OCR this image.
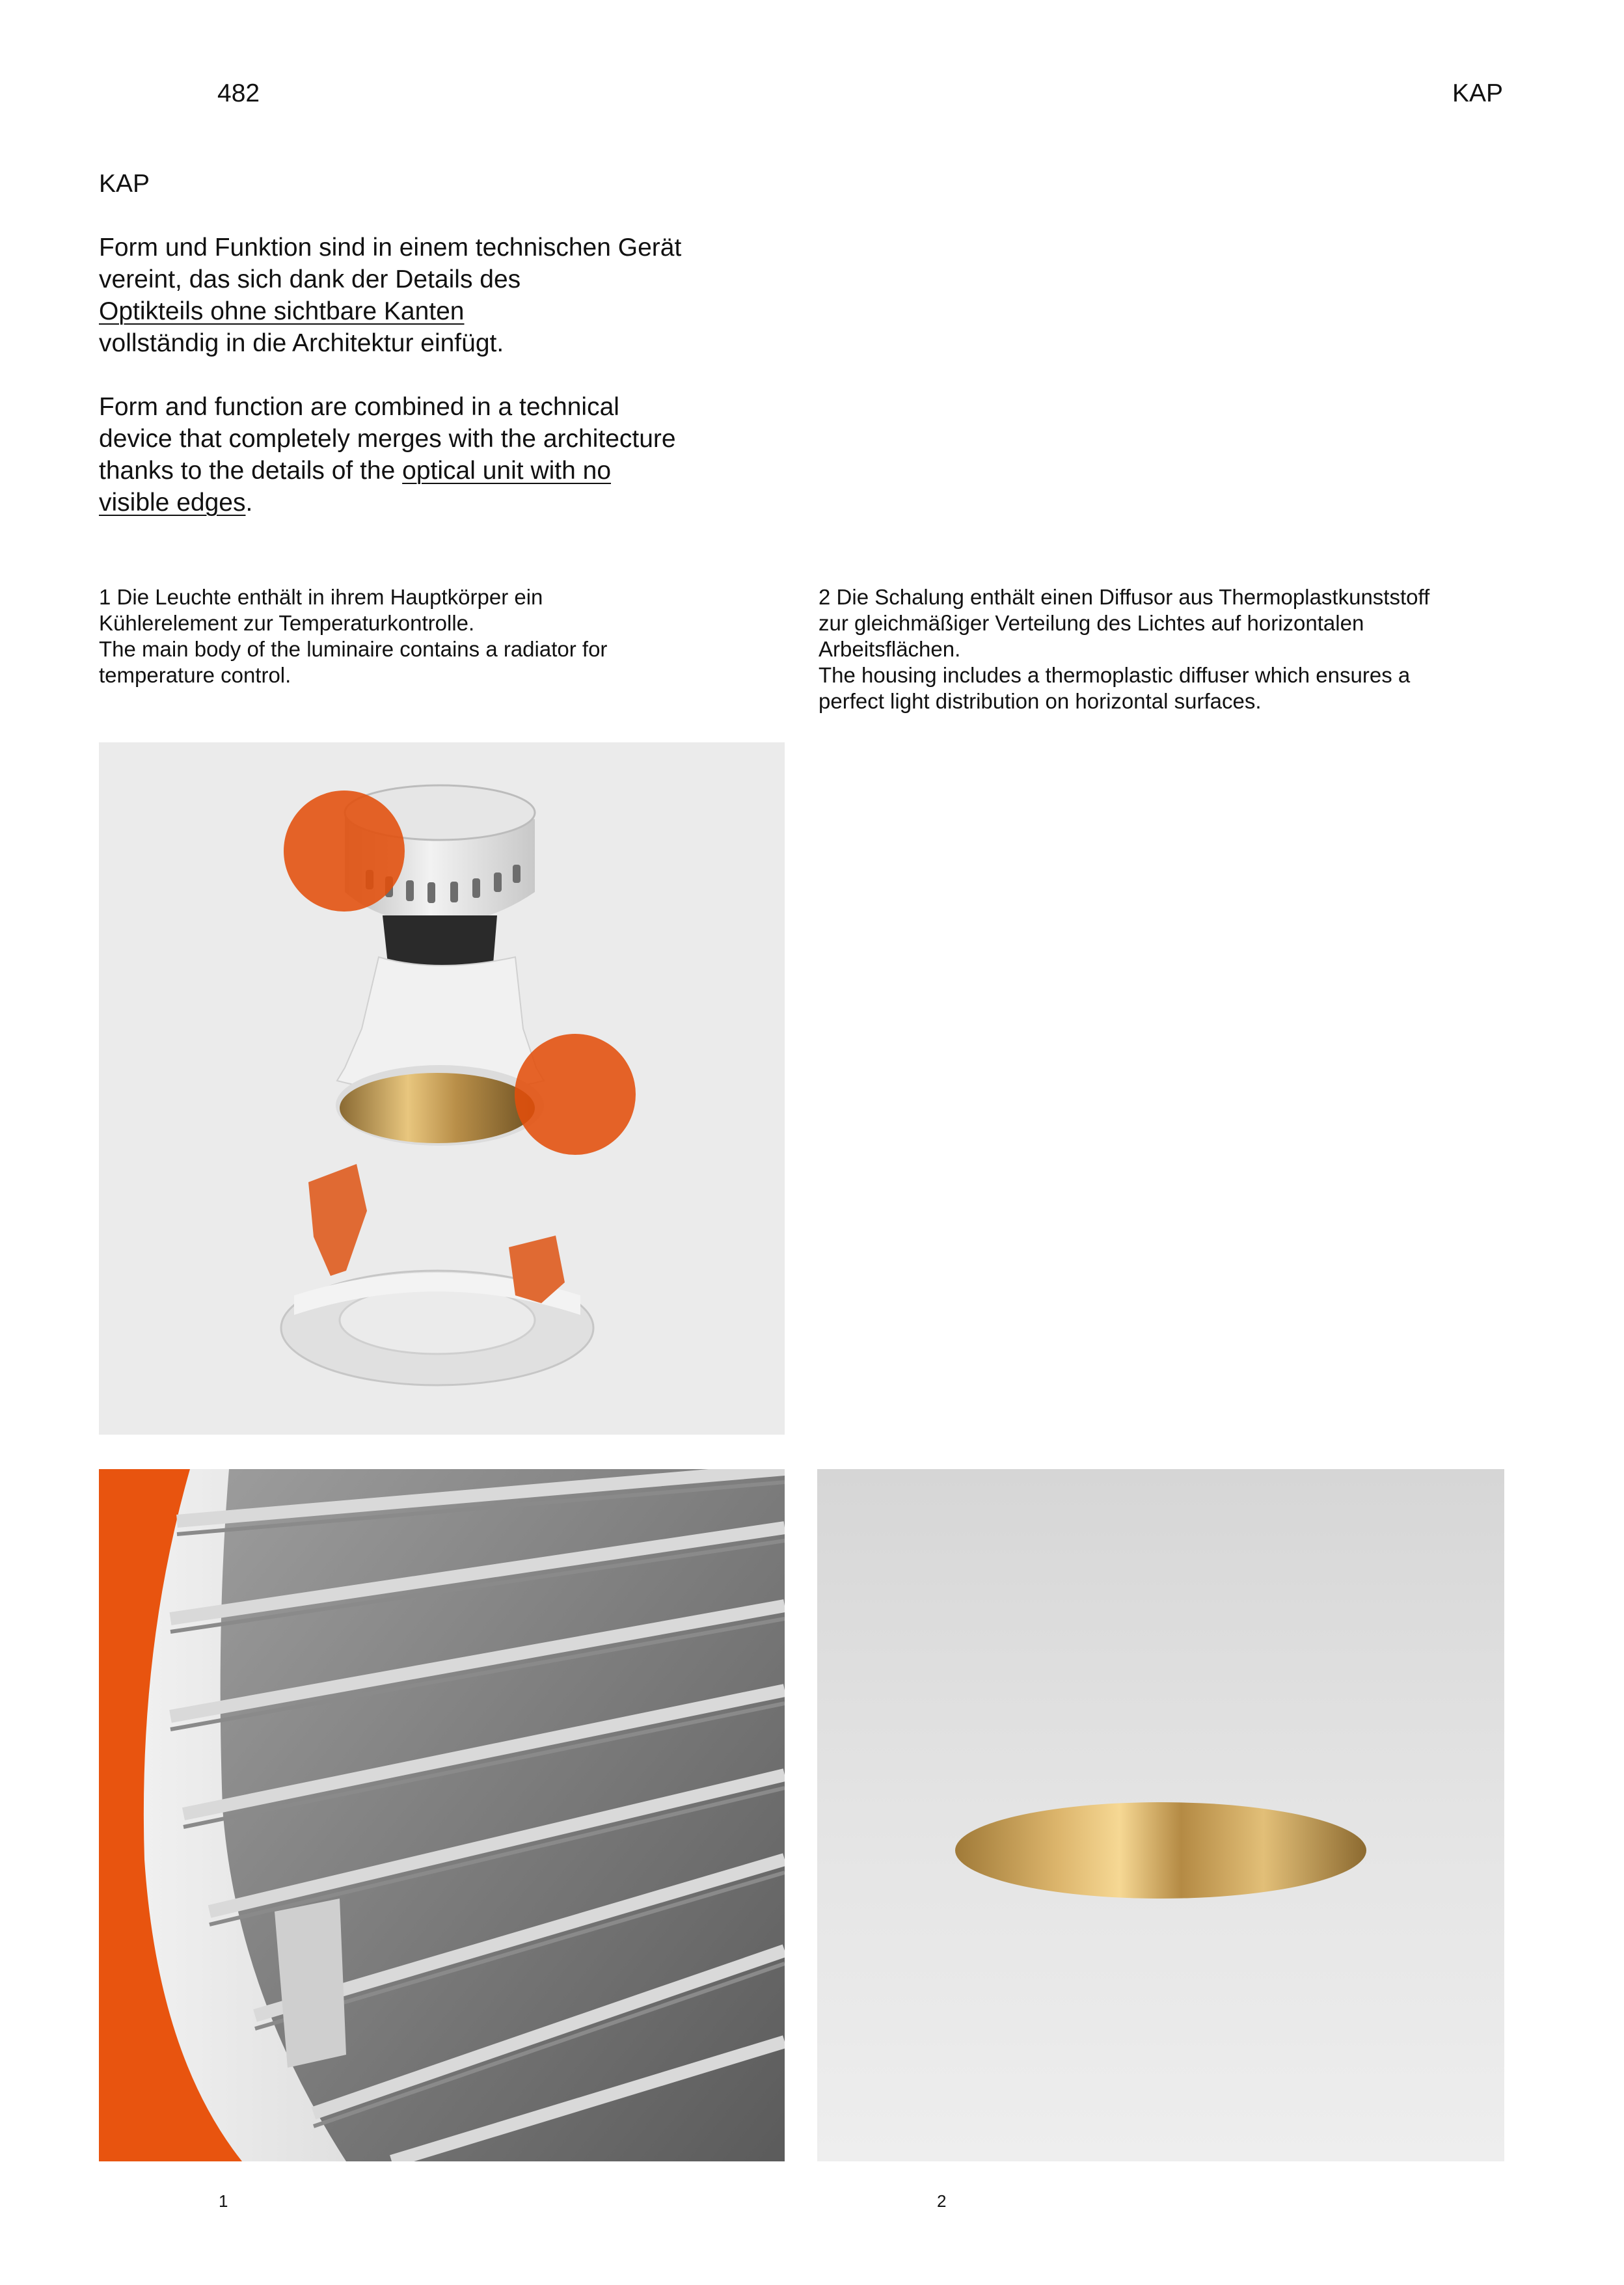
482	KAP

KAP

Form und Funktion sind in einem technischen Gerät vereint, das sich dank der Details des
Optikteils ohne sichtbare Kanten
vollständig in die Architektur einfügt.

Form and function are combined in a technical device that completely merges with the architecture thanks to the details of the optical unit with no visible edges.

1 Die Leuchte enthält in ihrem Hauptkörper ein Kühlerelement zur Temperaturkontrolle.

The main body of the luminaire contains a radiator for temperature control.

2 Die Schalung enthält einen Diffusor aus Thermoplastkunststoff zur gleichmäßiger Verteilung des Lichtes auf horizontalen Arbeitsflächen.

The housing includes a thermoplastic diffuser which ensures a perfect light distribution on horizontal surfaces.

1	2
